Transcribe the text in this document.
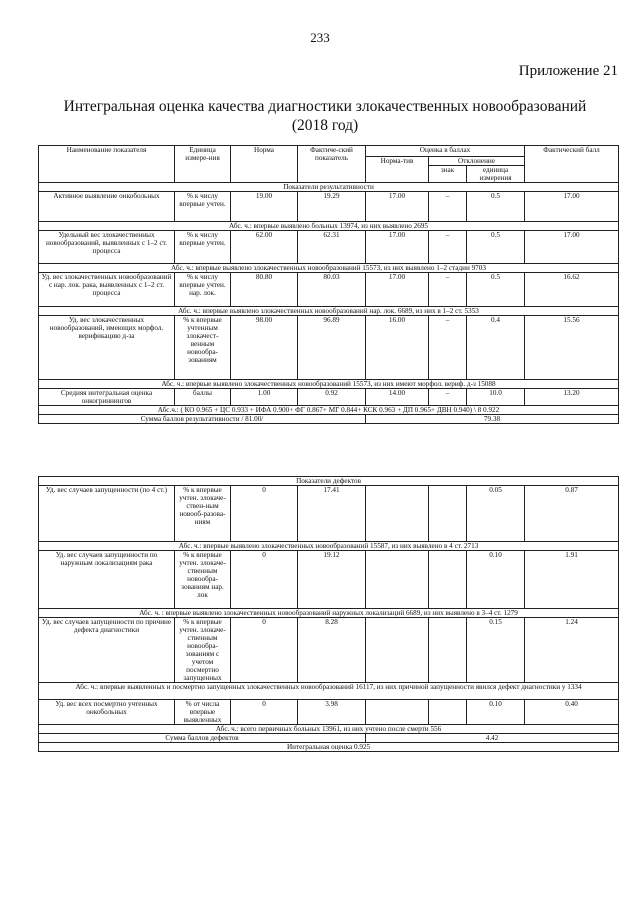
233
Приложение 21
Интегральная оценка качества диагностики злокачественных новообразований
(2018 год)
Наименование показателя	Единица измере-ния	Норма	Фактиче-ский показатель	Оценка в баллах			Фактический балл
				Норма-тив	Отклонение		
					знак	единица измерения	
Показатели результативности							
Активное выявление онкобольных	% к числу впервые учтен.	19.00	19.29	17.00	–	0.5	17.00
Абс. ч.: впервые выявлено больных 13974, из них выявлено 2695							
Удельный вес злокачественных новообразований, выявленных с 1–2 ст. процесса	% к числу впервые учтен.	62.00	62.31	17.00	–	0.5	17.00
Абс. ч.: впервые выявлено злокачественных новообразований 15573, из них выявлено 1–2 стадии 9703							
Уд. вес злокачественных новообразований с нар. лок. рака, выявленных с 1–2 ст. процесса	% к числу впервые учтен. нар. лок.	80.80	80.03	17.00	–	0.5	16.62
Абс. ч.: впервые выявлено злокачественных новообразований нар. лок. 6689, из них в 1–2 ст. 5353							
Уд. вес злокачественных новообразований, имеющих морфол. верификацию д-за	% к впервые учтенным злокачест-венным новообра-зованиям	98.00	96.89	16.00	–	0.4	15.56
Абс. ч.: впервые выявлено злокачественных новообразований 15573, из них имеют морфол. вериф. д-з 15088							
Средняя интегральная оценка онкогриннингов	баллы	1.00	0.92	14.00	–	10.0	13.20
Абс.ч.: ( КО 0.965 + ЦС 0.933 + ИФА 0.900+ ФГ 0.867+ МГ 0.844+ КСК 0.963 + ДП 0.965+ ДВН 0.940) \ 8 0.922							
Сумма баллов результативности / 81.00/				79.38			
Показатели дефектов							
Уд. вес случаев запущенности (по 4 ст.)	% к впервые учтен. злокаче-ствен-ным новооб-разова-ниям	0	17.41			0.05	0.87
Абс. ч.: впервые выявлено злокачественных новообразований 15587, из них выявлено в 4 ст. 2713							
Уд. вес случаев запущенности по наружным локализациям рака	% к впервые учтен. злокаче-ственным новообра-зованиям нар. лок	0	19.12			0.10	1.91
Абс. ч. : впервые выявлено злокачественных новообразований наружных локализаций 6689, из них выявлено в 3–4 ст. 1279							
Уд. вес случаев запущенности по причине дефекта диагностики	% к впервые учтен. злокаче-ственным новообра-зованиям с учетом посмертно запущенных	0	8.28			0.15	1.24
Абс. ч.: впервые выявленных и посмертно запущенных злокачественных новообразований 16117, из них причиной запущенности явился дефект диагностики у 1334							
Уд. вес всех посмертно учтенных онкобольных	% от числа впервые выявленных	0	3.98			0.10	0.40
Абс. ч.: всего первичных больных 13961, из них учтено после смерти 556							
Сумма баллов дефектов				4.42			
Интегральная оценка 0.925							
